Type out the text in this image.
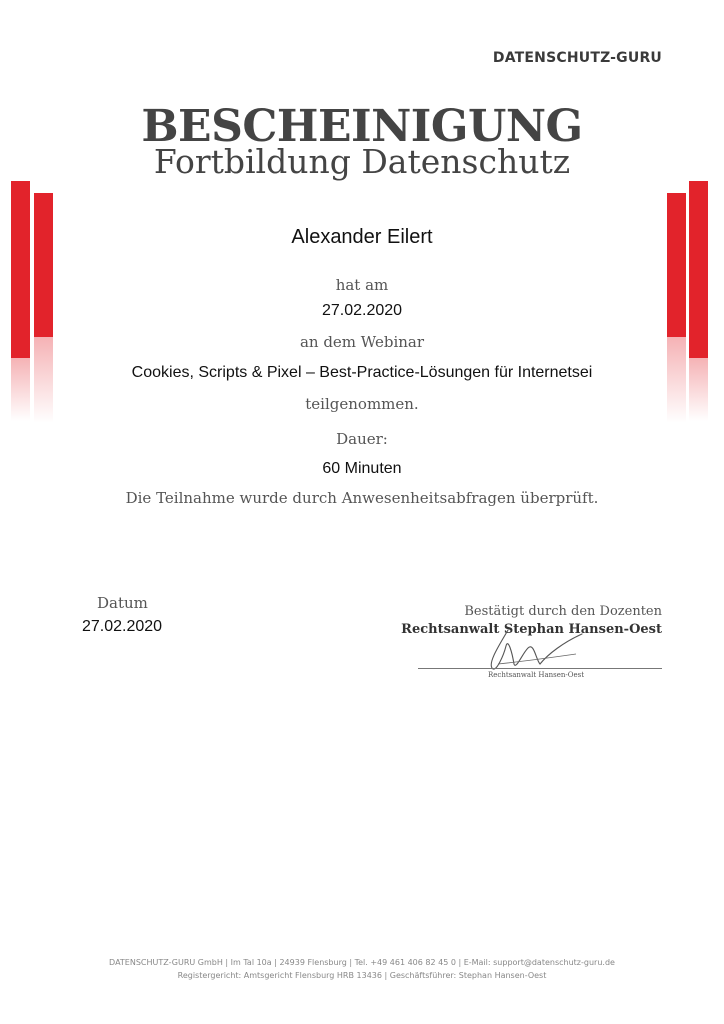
DATENSCHUTZ-GURU
BESCHEINIGUNG
Fortbildung Datenschutz
Alexander Eilert
hat am
27.02.2020
an dem Webinar
Cookies, Scripts & Pixel – Best-Practice-Lösungen für Internetsei
teilgenommen.
Dauer:
60 Minuten
Die Teilnahme wurde durch Anwesenheitsabfragen überprüft.
Datum
27.02.2020
Bestätigt durch den Dozenten
Rechtsanwalt Stephan Hansen-Oest
Rechtsanwalt Hansen-Oest
DATENSCHUTZ-GURU GmbH | Im Tal 10a | 24939 Flensburg | Tel. +49 461 406 82 45 0 | E-Mail: support@datenschutz-guru.de
Registergericht: Amtsgericht Flensburg HRB 13436 | Geschäftsführer: Stephan Hansen-Oest
